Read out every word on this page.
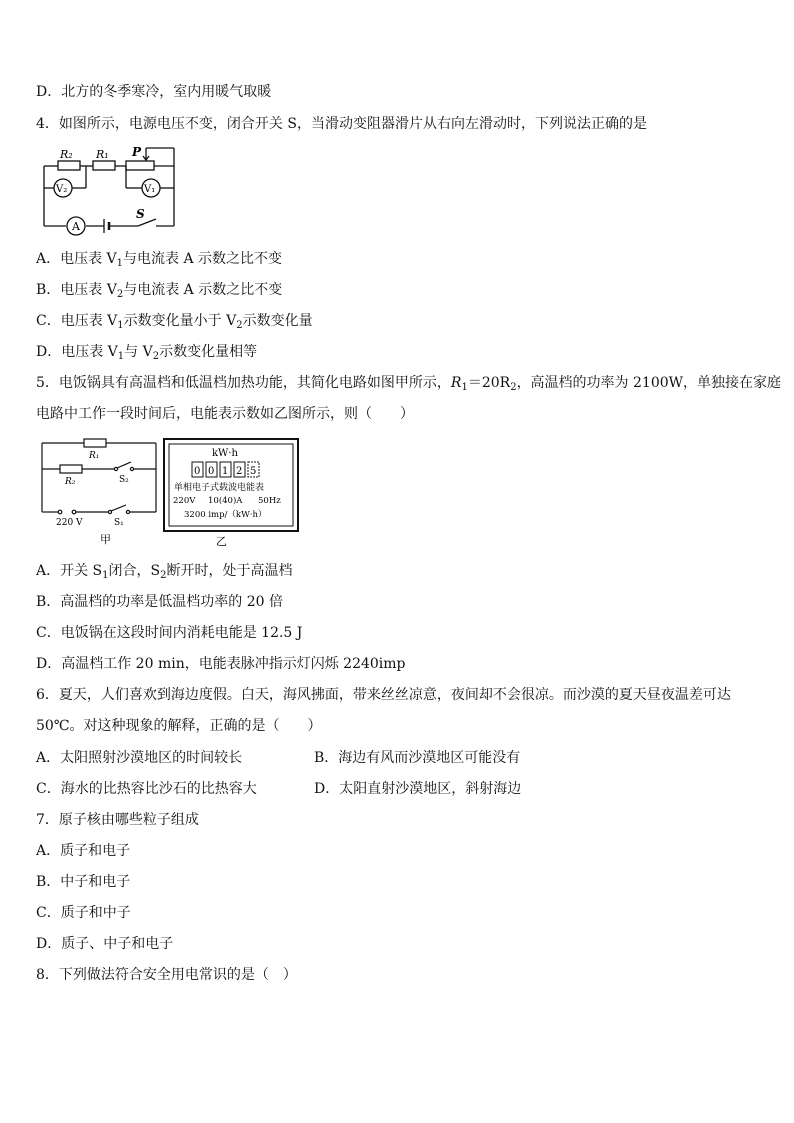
D．北方的冬季寒冷，室内用暖气取暖
4．如图所示，电源电压不变，闭合开关 S，当滑动变阻器滑片从右向左滑动时，下列说法正确的是
R₂ R₁ P
V₂	V₁
A
S
A．电压表 $V_1$与电流表 A 示数之比不变
B．电压表 $V_2$与电流表 A 示数之比不变
C．电压表 $V_1$示数变化量小于 $V_2$示数变化量
D．电压表 $V_1$与 $V_2$示数变化量相等
5．电饭锅具有高温档和低温档加热功能，其简化电路如图甲所示，$R_1=20R_2$，高温档的功率为 2100W，单独接在家庭
电路中工作一段时间后，电能表示数如乙图所示，则（　　）
R₁
R₂	S₂
220 V	S₁
甲
kW·h
0 0 1 2 5
单相电子式载波电能表
220V 10(40)A 50Hz
3200 imp/（kW·h）
乙
A．开关 $S_1$闭合，$S_2$断开时，处于高温档
B．高温档的功率是低温档功率的 20 倍
C．电饭锅在这段时间内消耗电能是 12.5 J
D．高温档工作 20 min，电能表脉冲指示灯闪烁 2240imp
6．夏天，人们喜欢到海边度假。白天，海风拂面，带来丝丝凉意，夜间却不会很凉。而沙漠的夏天昼夜温差可达
50℃。对这种现象的解释，正确的是（　　）
A．太阳照射沙漠地区的时间较长	B．海边有风而沙漠地区可能没有
C．海水的比热容比沙石的比热容大	D．太阳直射沙漠地区，斜射海边
7．原子核由哪些粒子组成
A．质子和电子
B．中子和电子
C．质子和中子
D．质子、中子和电子
8．下列做法符合安全用电常识的是（　）
